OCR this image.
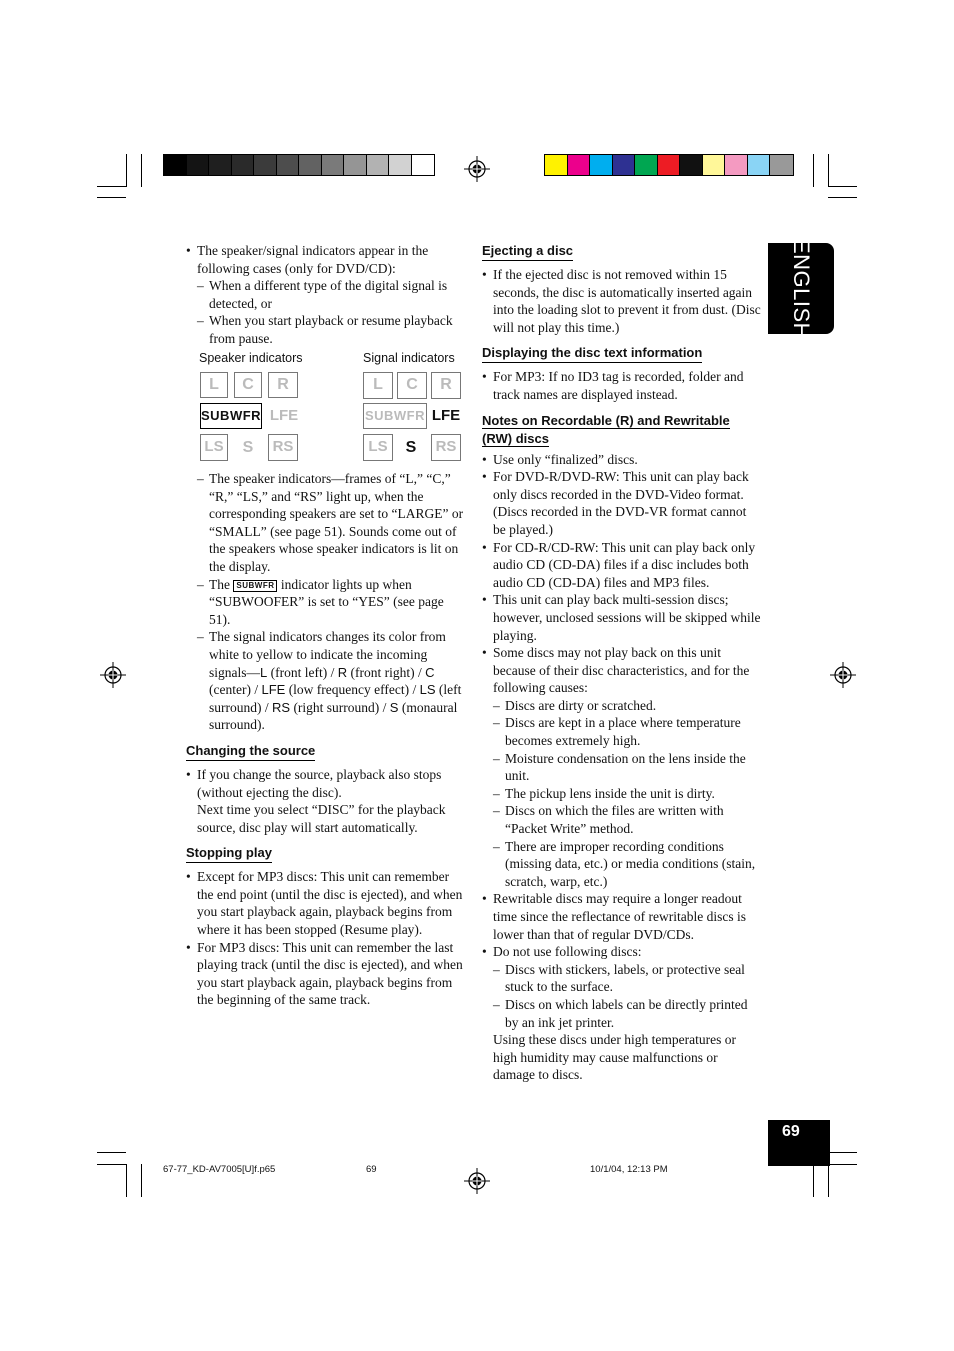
ENGLISH
69
• The speaker/signal indicators appear in the following cases (only for DVD/CD):
– When a different type of the digital signal is detected, or
– When you start playback or resume playback from pause.
Speaker indicators	Signal indicators
L	C	R
SUBWFR LFE
LS	S	RS
L	C	R
SUBWFR LFE
LS	S	RS
– The speaker indicators—frames of “L,” “C,” “R,” “LS,” and “RS” light up, when the corresponding speakers are set to “LARGE” or “SMALL” (see page 51). Sounds come out of the speakers whose speaker indicators is lit on the display.
– The SUBWFR indicator lights up when “SUBWOOFER” is set to “YES” (see page 51).
– The signal indicators changes its color from white to yellow to indicate the incoming signals—L (front left) / R (front right) / C (center) / LFE (low frequency effect) / LS (left surround) / RS (right surround) / S (monaural surround).
Changing the source
• If you change the source, playback also stops (without ejecting the disc).
Next time you select “DISC” for the playback source, disc play will start automatically.
Stopping play
• Except for MP3 discs: This unit can remember the end point (until the disc is ejected), and when you start playback again, playback begins from where it has been stopped (Resume play).
• For MP3 discs: This unit can remember the last playing track (until the disc is ejected), and when you start playback again, playback begins from the beginning of the same track.
Ejecting a disc
• If the ejected disc is not removed within 15 seconds, the disc is automatically inserted again into the loading slot to prevent it from dust. (Disc will not play this time.)
Displaying the disc text information
• For MP3: If no ID3 tag is recorded, folder and track names are displayed instead.
Notes on Recordable (R) and Rewritable (RW) discs
• Use only “finalized” discs.
• For DVD-R/DVD-RW: This unit can play back only discs recorded in the DVD-Video format. (Discs recorded in the DVD-VR format cannot be played.)
• For CD-R/CD-RW: This unit can play back only audio CD (CD-DA) files if a disc includes both audio CD (CD-DA) files and MP3 files.
• This unit can play back multi-session discs; however, unclosed sessions will be skipped while playing.
• Some discs may not play back on this unit because of their disc characteristics, and for the following causes:
– Discs are dirty or scratched.
– Discs are kept in a place where temperature becomes extremely high.
– Moisture condensation on the lens inside the unit.
– The pickup lens inside the unit is dirty.
– Discs on which the files are written with “Packet Write” method.
– There are improper recording conditions (missing data, etc.) or media conditions (stain, scratch, warp, etc.)
• Rewritable discs may require a longer readout time since the reflectance of rewritable discs is lower than that of regular DVD/CDs.
• Do not use following discs:
– Discs with stickers, labels, or protective seal stuck to the surface.
– Discs on which labels can be directly printed by an ink jet printer.
Using these discs under high temperatures or high humidity may cause malfunctions or damage to discs.
67-77_KD-AV7005[U]f.p65	69	10/1/04, 12:13 PM
